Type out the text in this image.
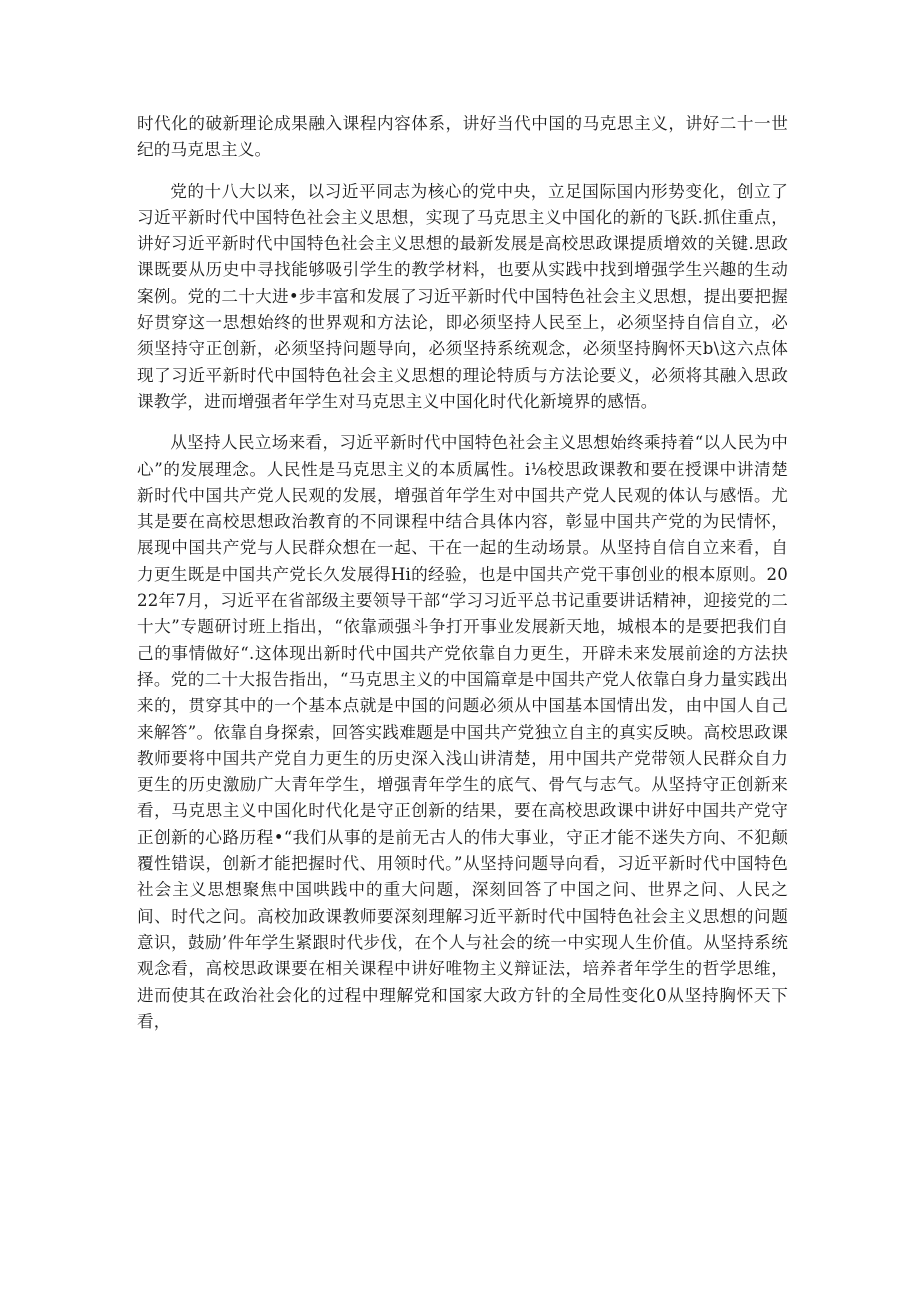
时代化的破新理论成果融入课程内容体系，讲好当代中国的马克思主义，讲好二十一世纪的马克思主义。

党的十八大以来，以习近平同志为核心的党中央，立足国际国内形势变化，创立了习近平新时代中国特色社会主义思想，实现了马克思主义中国化的新的飞跃.抓住重点，讲好习近平新时代中国特色社会主义思想的最新发展是高校思政课提质增效的关键.思政课既要从历史中寻找能够吸引学生的教学材料，也要从实践中找到增强学生兴趣的生动案例。党的二十大进•步丰富和发展了习近平新时代中国特色社会主义思想，提出要把握好贯穿这一思想始终的世界观和方法论，即必须坚持人民至上，必须坚持自信自立，必须坚持守正创新，必须坚持问题导向，必须坚持系统观念，必须坚持胸怀天b\这六点体现了习近平新时代中国特色社会主义思想的理论特质与方法论要义，必须将其融入思政课教学，进而增强者年学生对马克思主义中国化时代化新境界的感悟。

从坚持人民立场来看，习近平新时代中国特色社会主义思想始终乘持着“以人民为中心”的发展理念。人民性是马克思主义的本质属性。i⅛校思政课教和要在授课中讲清楚新时代中国共产党人民观的发展，增强首年学生对中国共产党人民观的体认与感悟。尤其是要在高校思想政治教育的不同课程中结合具体内容，彰显中国共产党的为民情怀，展现中国共产党与人民群众想在一起、干在一起的生动场景。从坚持自信自立来看，自力更生既是中国共产党长久发展得Hi的经验，也是中国共产党干事创业的根本原则。2022年7月，习近平在省部级主要领导干部“学习习近平总书记重要讲话精神，迎接党的二十大”专题研讨班上指出，“依靠顽强斗争打开事业发展新天地，城根本的是要把我们自己的事情做好“.这体现出新时代中国共产党依靠自力更生，开辟未来发展前途的方法抉择。党的二十大报告指出，“马克思主义的中国篇章是中国共产党人依靠白身力量实践出来的，贯穿其中的一个基本点就是中国的问题必须从中国基本国情出发，由中国人自己来解答”。依靠自身探索，回答实践难题是中国共产党独立自主的真实反映。高校思政课教师要将中国共产党自力更生的历史深入浅山讲清楚，用中国共产党带领人民群众自力更生的历史激励广大青年学生，增强青年学生的底气、骨气与志气。从坚持守正创新来看，马克思主义中国化时代化是守正创新的结果，要在高校思政课中讲好中国共产党守正创新的心路历程•“我们从事的是前无古人的伟大事业，守正才能不迷失方向、不犯颠覆性错误，创新才能把握时代、用领时代。”从坚持问题导向看，习近平新时代中国特色社会主义思想聚焦中国哄践中的重大问题，深刻回答了中国之问、世界之问、人民之间、时代之问。高校加政课教师要深刻理解习近平新时代中国特色社会主义思想的问题意识，鼓励’件年学生紧跟时代步伐，在个人与社会的统一中实现人生价值。从坚持系统观念看，高校思政课要在相关课程中讲好唯物主义辩证法，培养者年学生的哲学思维，进而使其在政治社会化的过程中理解党和国家大政方针的全局性变化0从坚持胸怀天下看，
